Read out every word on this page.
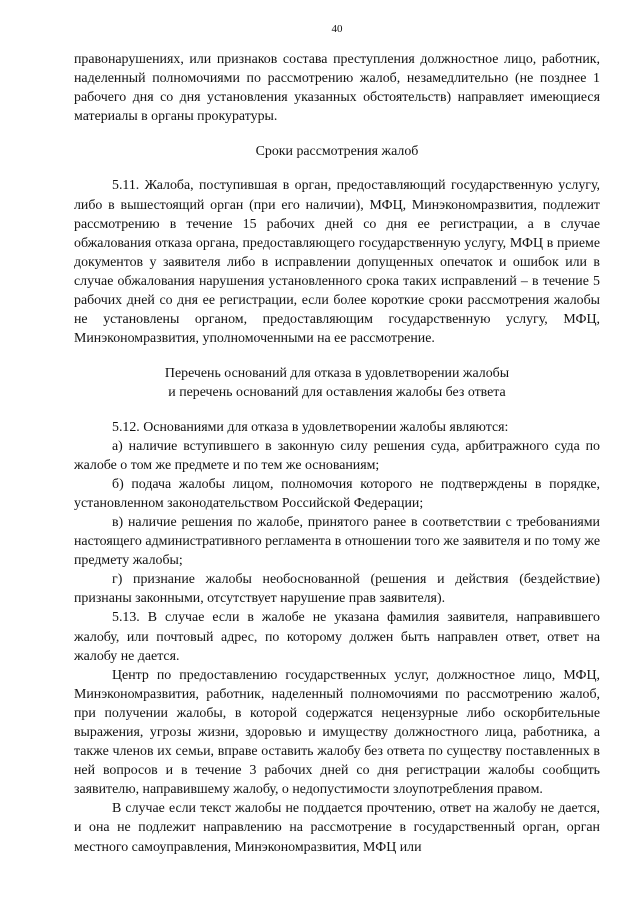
40

правонарушениях, или признаков состава преступления должностное лицо, работник, наделенный полномочиями по рассмотрению жалоб, незамедлительно (не позднее 1 рабочего дня со дня установления указанных обстоятельств) направляет имеющиеся материалы в органы прокуратуры.

Сроки рассмотрения жалоб

5.11. Жалоба, поступившая в орган, предоставляющий государственную услугу, либо в вышестоящий орган (при его наличии), МФЦ, Минэкономразвития, подлежит рассмотрению в течение 15 рабочих дней со дня ее регистрации, а в случае обжалования отказа органа, предоставляющего государственную услугу, МФЦ в приеме документов у заявителя либо в исправлении допущенных опечаток и ошибок или в случае обжалования нарушения установленного срока таких исправлений – в течение 5 рабочих дней со дня ее регистрации, если более короткие сроки рассмотрения жалобы не установлены органом, предоставляющим государственную услугу, МФЦ, Минэкономразвития, уполномоченными на ее рассмотрение.

Перечень оснований для отказа в удовлетворении жалобы
и перечень оснований для оставления жалобы без ответа

5.12. Основаниями для отказа в удовлетворении жалобы являются:

а) наличие вступившего в законную силу решения суда, арбитражного суда по жалобе о том же предмете и по тем же основаниям;

б) подача жалобы лицом, полномочия которого не подтверждены в порядке, установленном законодательством Российской Федерации;

в) наличие решения по жалобе, принятого ранее в соответствии с требованиями настоящего административного регламента в отношении того же заявителя и по тому же предмету жалобы;

г) признание жалобы необоснованной (решения и действия (бездействие) признаны законными, отсутствует нарушение прав заявителя).

5.13. В случае если в жалобе не указана фамилия заявителя, направившего жалобу, или почтовый адрес, по которому должен быть направлен ответ, ответ на жалобу не дается.

Центр по предоставлению государственных услуг, должностное лицо, МФЦ, Минэкономразвития, работник, наделенный полномочиями по рассмотрению жалоб, при получении жалобы, в которой содержатся нецензурные либо оскорбительные выражения, угрозы жизни, здоровью и имуществу должностного лица, работника, а также членов их семьи, вправе оставить жалобу без ответа по существу поставленных в ней вопросов и в течение 3 рабочих дней со дня регистрации жалобы сообщить заявителю, направившему жалобу, о недопустимости злоупотребления правом.

В случае если текст жалобы не поддается прочтению, ответ на жалобу не дается, и она не подлежит направлению на рассмотрение в государственный орган, орган местного самоуправления, Минэкономразвития, МФЦ или
